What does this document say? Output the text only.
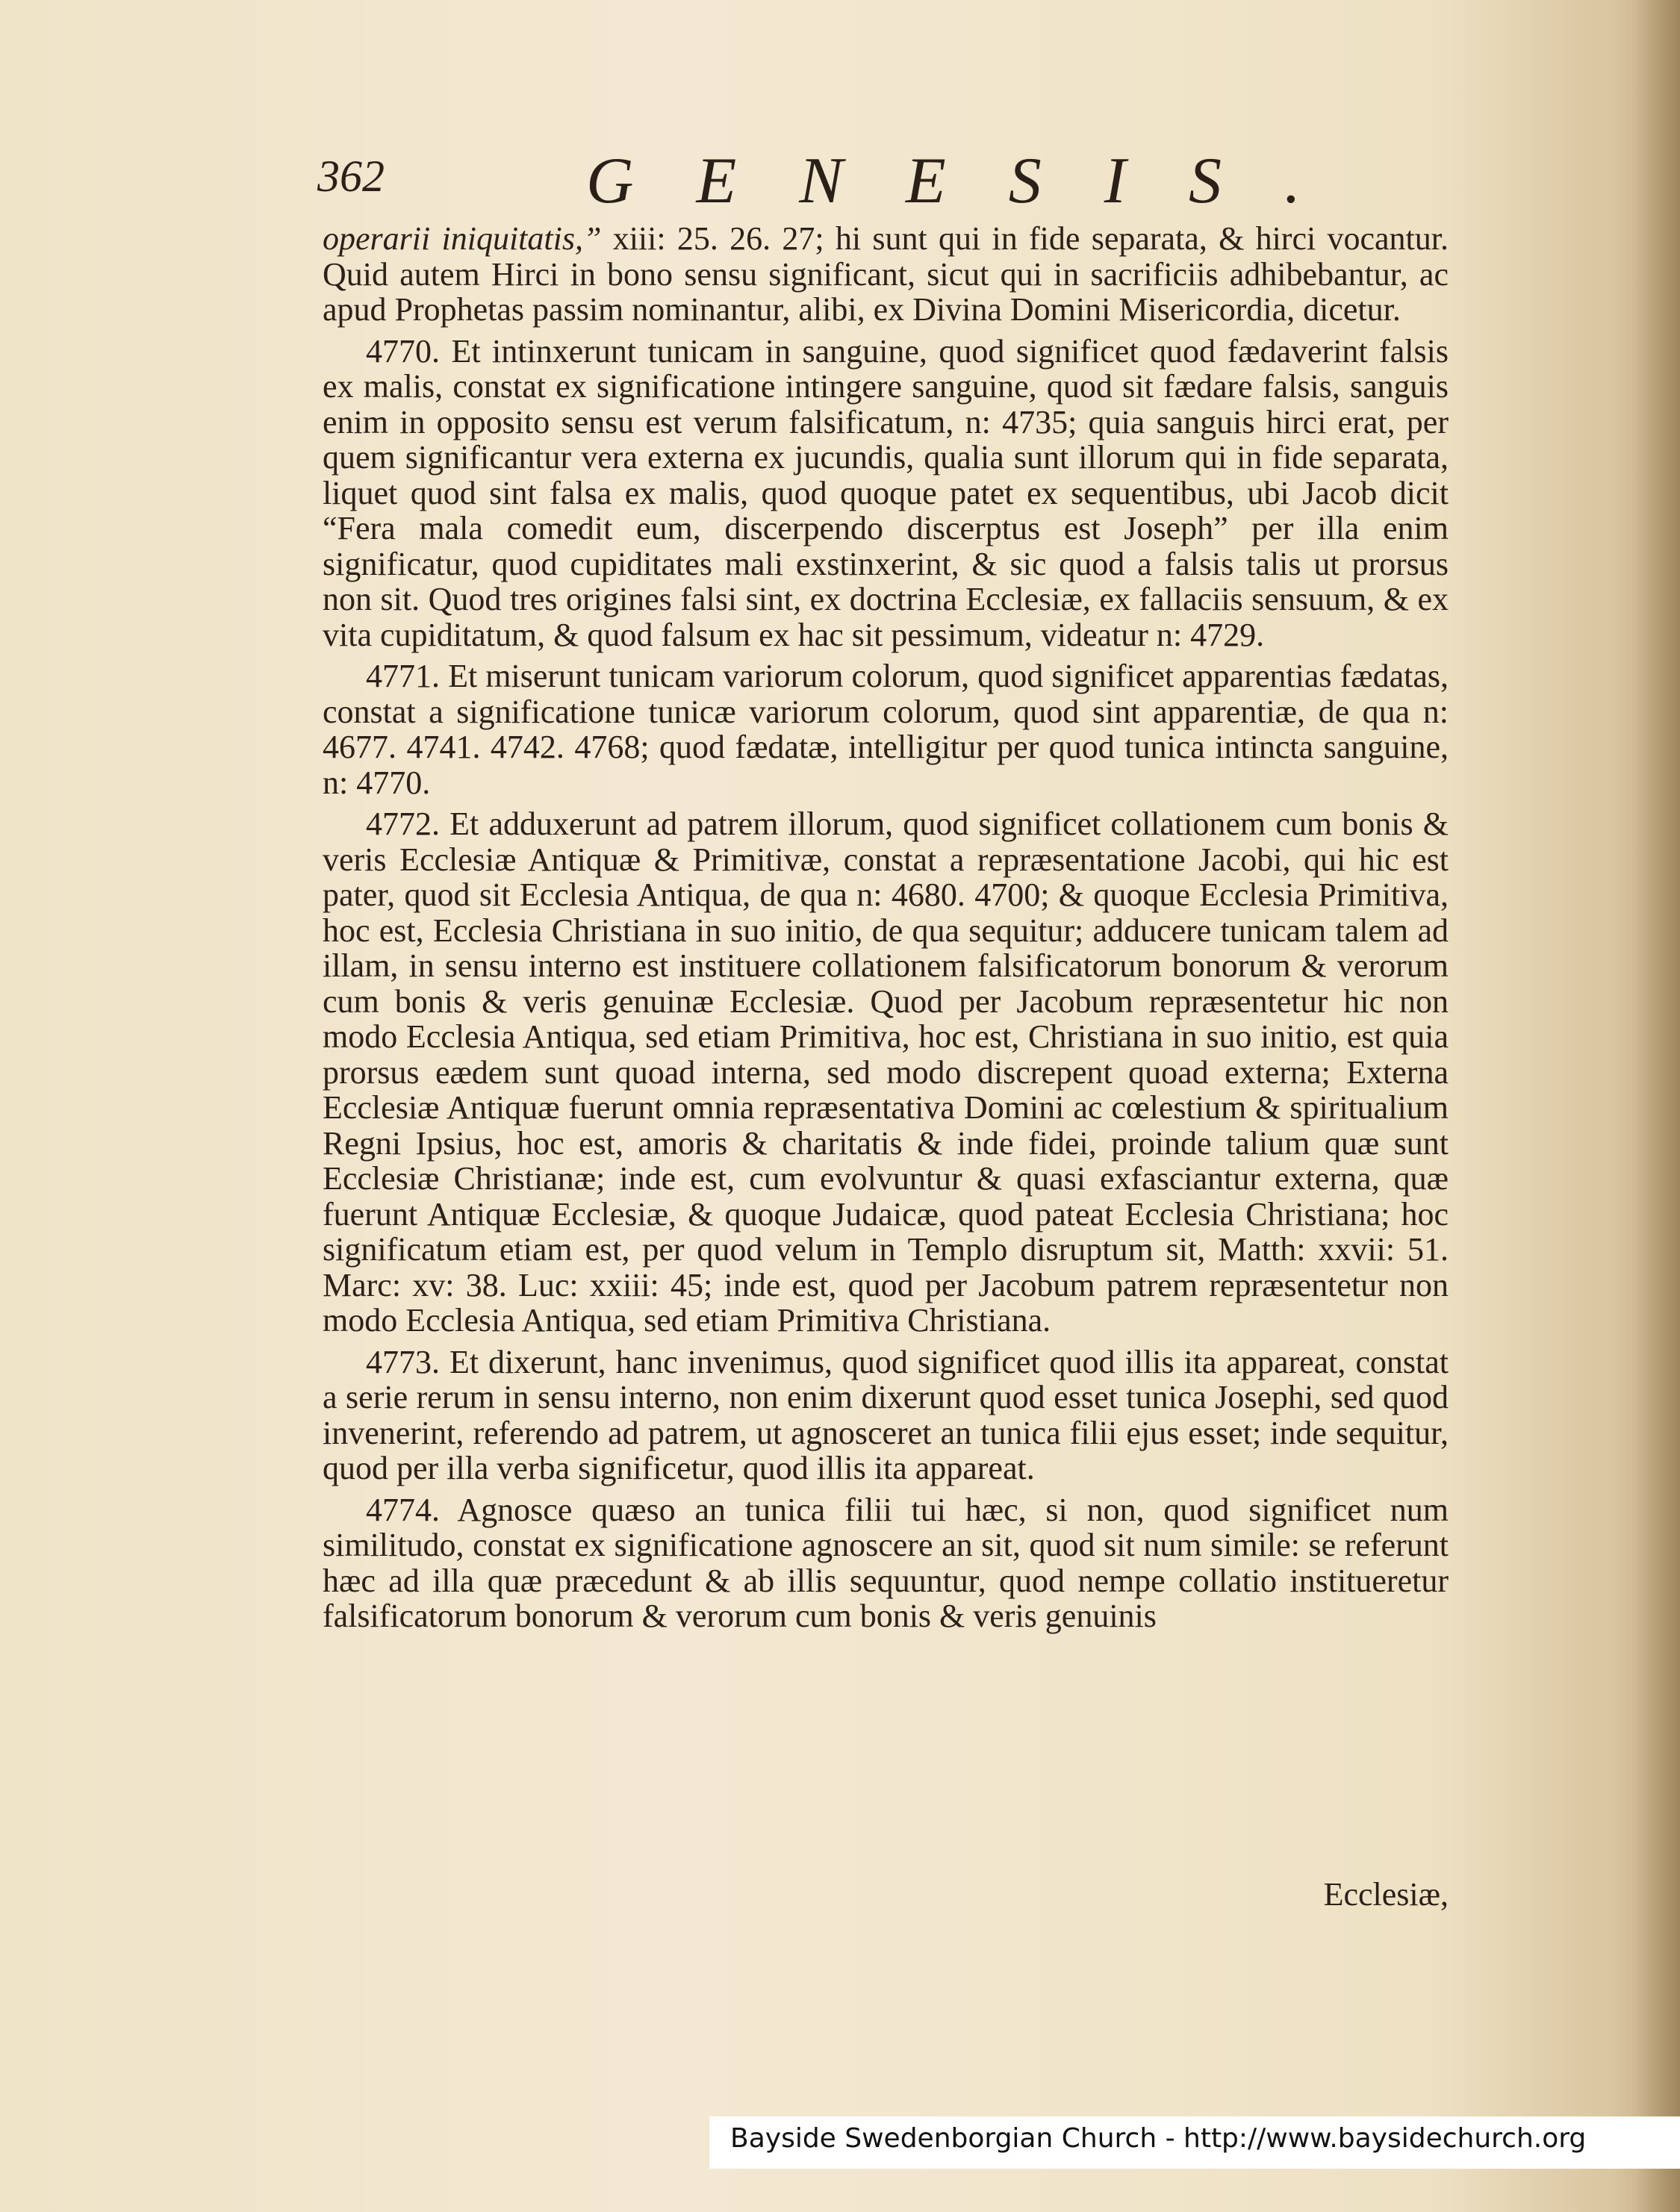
362	GENESIS.

operarii iniquitatis,” xiii: 25. 26. 27; hi sunt qui in fide separata, & hirci vocantur. Quid autem Hirci in bono sensu significant, sicut qui in sacrificiis adhibebantur, ac apud Prophetas passim nominantur, alibi, ex Divina Domini Misericordia, dicetur.

4770. Et intinxerunt tunicam in sanguine, quod significet quod fædaverint falsis ex malis, constat ex significatione intingere sanguine, quod sit fædare falsis, sanguis enim in opposito sensu est verum falsificatum, n: 4735; quia sanguis hirci erat, per quem significantur vera externa ex jucundis, qualia sunt illorum qui in fide separata, liquet quod sint falsa ex malis, quod quoque patet ex sequentibus, ubi Jacob dicit “Fera mala comedit eum, discerpendo discerptus est Joseph” per illa enim significatur, quod cupiditates mali exstinxerint, & sic quod a falsis talis ut prorsus non sit. Quod tres origines falsi sint, ex doctrina Ecclesiæ, ex fallaciis sensuum, & ex vita cupiditatum, & quod falsum ex hac sit pessimum, videatur n: 4729.

4771. Et miserunt tunicam variorum colorum, quod significet apparentias fædatas, constat a significatione tunicæ variorum colorum, quod sint apparentiæ, de qua n: 4677. 4741. 4742. 4768; quod fædatæ, intelligitur per quod tunica intincta sanguine, n: 4770.

4772. Et adduxerunt ad patrem illorum, quod significet collationem cum bonis & veris Ecclesiæ Antiquæ & Primitivæ, constat a repræsentatione Jacobi, qui hic est pater, quod sit Ecclesia Antiqua, de qua n: 4680. 4700; & quoque Ecclesia Primitiva, hoc est, Ecclesia Christiana in suo initio, de qua sequitur; adducere tunicam talem ad illam, in sensu interno est instituere collationem falsificatorum bonorum & verorum cum bonis & veris genuinæ Ecclesiæ. Quod per Jacobum repræsentetur hic non modo Ecclesia Antiqua, sed etiam Primitiva, hoc est, Christiana in suo initio, est quia prorsus eædem sunt quoad interna, sed modo discrepent quoad externa; Externa Ecclesiæ Antiquæ fuerunt omnia repræsentativa Domini ac cœlestium & spiritualium Regni Ipsius, hoc est, amoris & charitatis & inde fidei, proinde talium quæ sunt Ecclesiæ Christianæ; inde est, cum evolvuntur & quasi exfasciantur externa, quæ fuerunt Antiquæ Ecclesiæ, & quoque Judaicæ, quod pateat Ecclesia Christiana; hoc significatum etiam est, per quod velum in Templo disruptum sit, Matth: xxvii: 51. Marc: xv: 38. Luc: xxiii: 45; inde est, quod per Jacobum patrem repræsentetur non modo Ecclesia Antiqua, sed etiam Primitiva Christiana.

4773. Et dixerunt, hanc invenimus, quod significet quod illis ita appareat, constat a serie rerum in sensu interno, non enim dixerunt quod esset tunica Josephi, sed quod invenerint, referendo ad patrem, ut agnosceret an tunica filii ejus esset; inde sequitur, quod per illa verba significetur, quod illis ita appareat.

4774. Agnosce quæso an tunica filii tui hæc, si non, quod significet num similitudo, constat ex significatione agnoscere an sit, quod sit num simile: se referunt hæc ad illa quæ præcedunt & ab illis sequuntur, quod nempe collatio institueretur falsificatorum bonorum & verorum cum bonis & veris genuinis

Ecclesiæ,
Bayside Swedenborgian Church - http://www.baysidechurch.org
